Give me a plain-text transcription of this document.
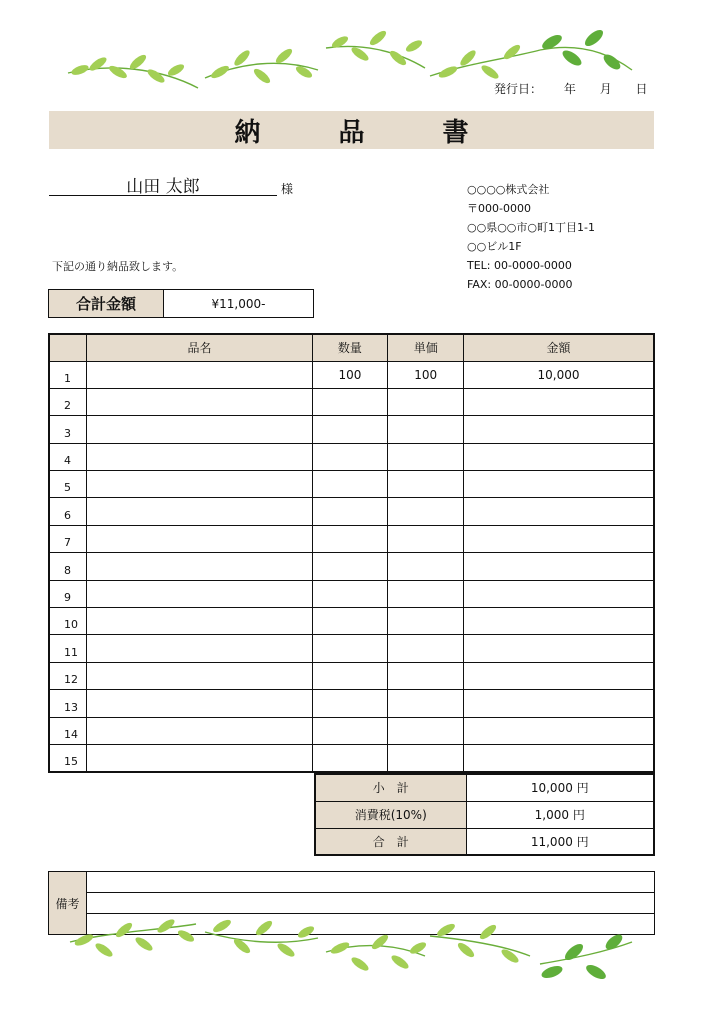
発行日： 年 月 日
納品書
山田 太郎	様	○○○○株式会社
〒000-0000
○○県○○市○町1丁目1-1
○○ビル1F
TEL: 00-0000-0000
FAX: 00-0000-0000
下記の通り納品致します。
合計金額	¥11,000-
	品名	数量	単価	金額
1		100	100	10,000
2				
3				
4				
5				
6				
7				
8				
9				
10				
11				
12				
13				
14				
15				
小　計	10,000 円
消費税(10%)	1,000 円
合　計	11,000 円
備考	
